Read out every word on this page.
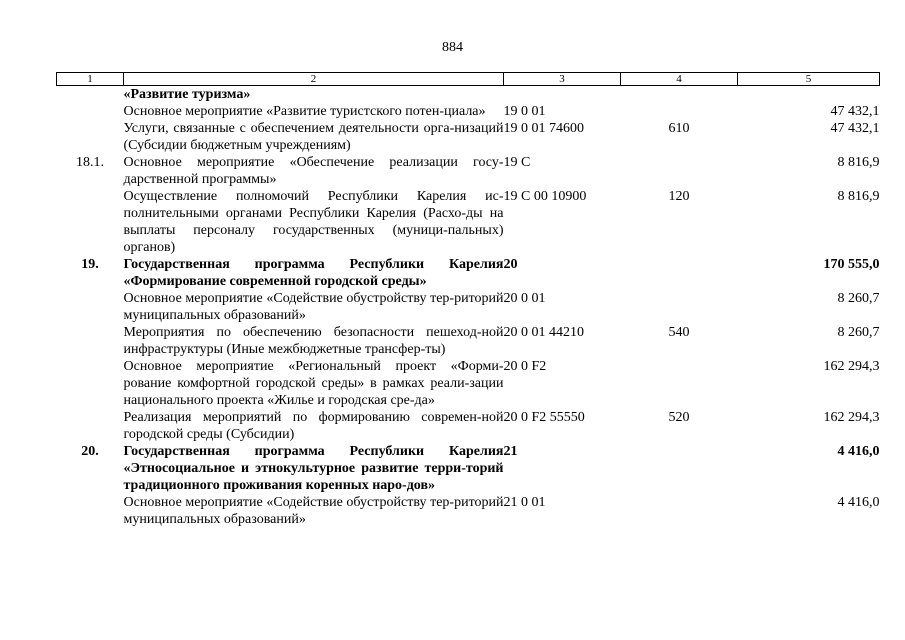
884
1	2	3	4	5
	«Развитие туризма»			
	Основное мероприятие «Развитие туристского потен-циала»	19 0 01		47 432,1
	Услуги, связанные с обеспечением деятельности орга-низаций (Субсидии бюджетным учреждениям)	19 0 01 74600	610	47 432,1
18.1.	Основное мероприятие «Обеспечение реализации госу-дарственной программы»	19 С		8 816,9
	Осуществление полномочий Республики Карелия ис-полнительными органами Республики Карелия (Расхо-ды на выплаты персоналу государственных (муници-пальных) органов)	19 С 00 10900	120	8 816,9
19.	Государственная программа Республики Карелия «Формирование современной городской среды»	20		170 555,0
	Основное мероприятие «Содействие обустройству тер-риторий муниципальных образований»	20 0 01		8 260,7
	Мероприятия по обеспечению безопасности пешеход-ной инфраструктуры (Иные межбюджетные трансфер-ты)	20 0 01 44210	540	8 260,7
	Основное мероприятие «Региональный проект «Форми-рование комфортной городской среды» в рамках реали-зации национального проекта «Жилье и городская сре-да»	20 0 F2		162 294,3
	Реализация мероприятий по формированию современ-ной городской среды (Субсидии)	20 0 F2 55550	520	162 294,3
20.	Государственная программа Республики Карелия «Этносоциальное и этнокультурное развитие терри-торий традиционного проживания коренных наро-дов»	21		4 416,0
	Основное мероприятие «Содействие обустройству тер-риторий муниципальных образований»	21 0 01		4 416,0
